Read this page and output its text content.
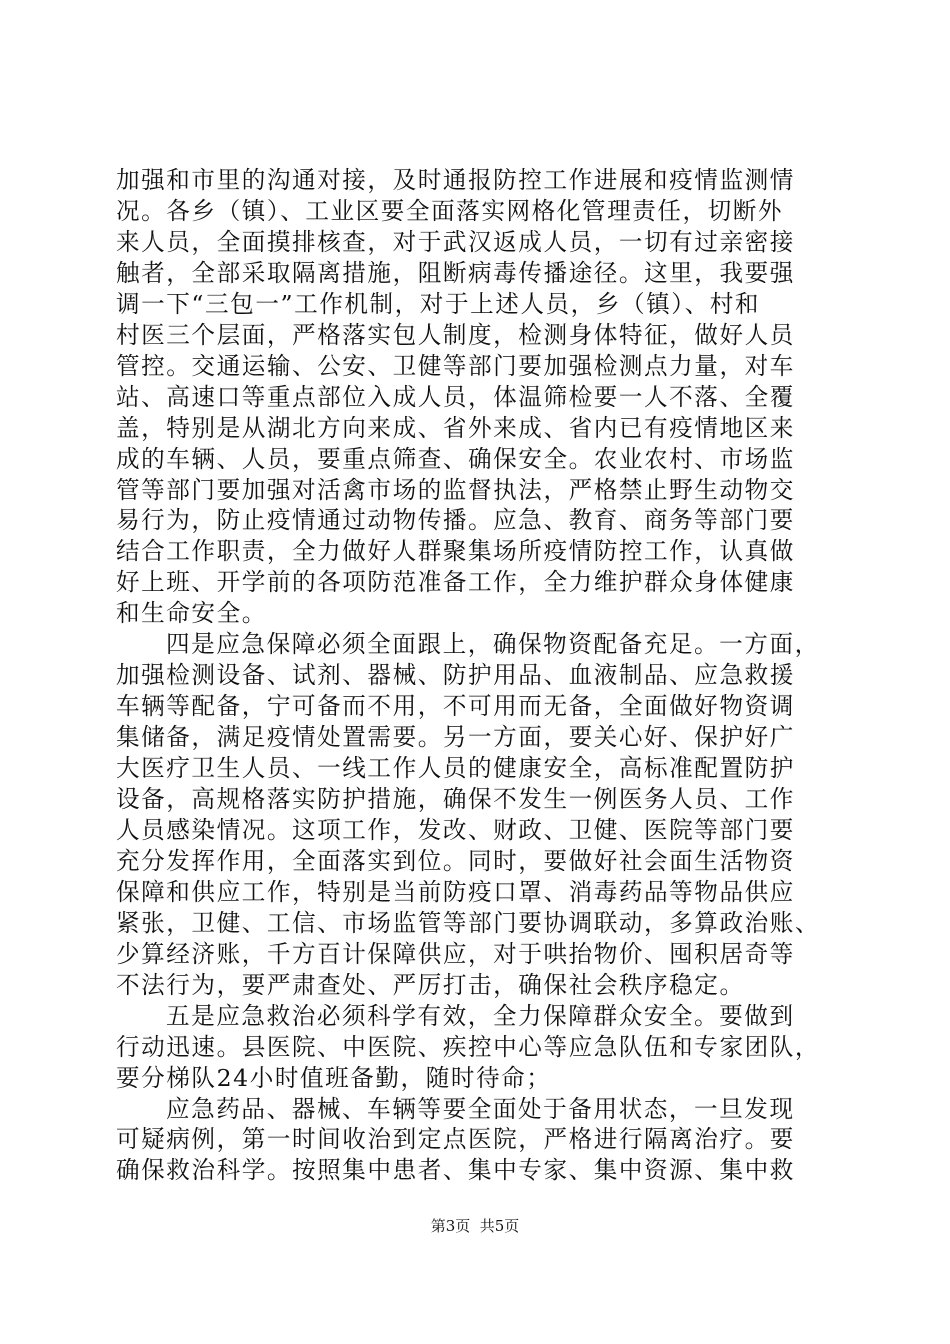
加强和市里的沟通对接，及时通报防控工作进展和疫情监测情
况。各乡（镇）、工业区要全面落实网格化管理责任，切断外
来人员，全面摸排核查，对于武汉返成人员，一切有过亲密接
触者，全部采取隔离措施，阻断病毒传播途径。这里，我要强
调一下“三包一”工作机制，对于上述人员，乡（镇）、村和
村医三个层面，严格落实包人制度，检测身体特征，做好人员
管控。交通运输、公安、卫健等部门要加强检测点力量，对车
站、高速口等重点部位入成人员，体温筛检要一人不落、全覆
盖，特别是从湖北方向来成、省外来成、省内已有疫情地区来
成的车辆、人员，要重点筛查、确保安全。农业农村、市场监
管等部门要加强对活禽市场的监督执法，严格禁止野生动物交
易行为，防止疫情通过动物传播。应急、教育、商务等部门要
结合工作职责，全力做好人群聚集场所疫情防控工作，认真做
好上班、开学前的各项防范准备工作，全力维护群众身体健康
和生命安全。
四是应急保障必须全面跟上，确保物资配备充足。一方面，
加强检测设备、试剂、器械、防护用品、血液制品、应急救援
车辆等配备，宁可备而不用，不可用而无备，全面做好物资调
集储备，满足疫情处置需要。另一方面，要关心好、保护好广
大医疗卫生人员、一线工作人员的健康安全，高标准配置防护
设备，高规格落实防护措施，确保不发生一例医务人员、工作
人员感染情况。这项工作，发改、财政、卫健、医院等部门要
充分发挥作用，全面落实到位。同时，要做好社会面生活物资
保障和供应工作，特别是当前防疫口罩、消毒药品等物品供应
紧张，卫健、工信、市场监管等部门要协调联动，多算政治账、
少算经济账，千方百计保障供应，对于哄抬物价、囤积居奇等
不法行为，要严肃查处、严厉打击，确保社会秩序稳定。
五是应急救治必须科学有效，全力保障群众安全。要做到
行动迅速。县医院、中医院、疾控中心等应急队伍和专家团队，
要分梯队24小时值班备勤，随时待命；
应急药品、器械、车辆等要全面处于备用状态，一旦发现
可疑病例，第一时间收治到定点医院，严格进行隔离治疗。要
确保救治科学。按照集中患者、集中专家、集中资源、集中救
第3页  共5页
